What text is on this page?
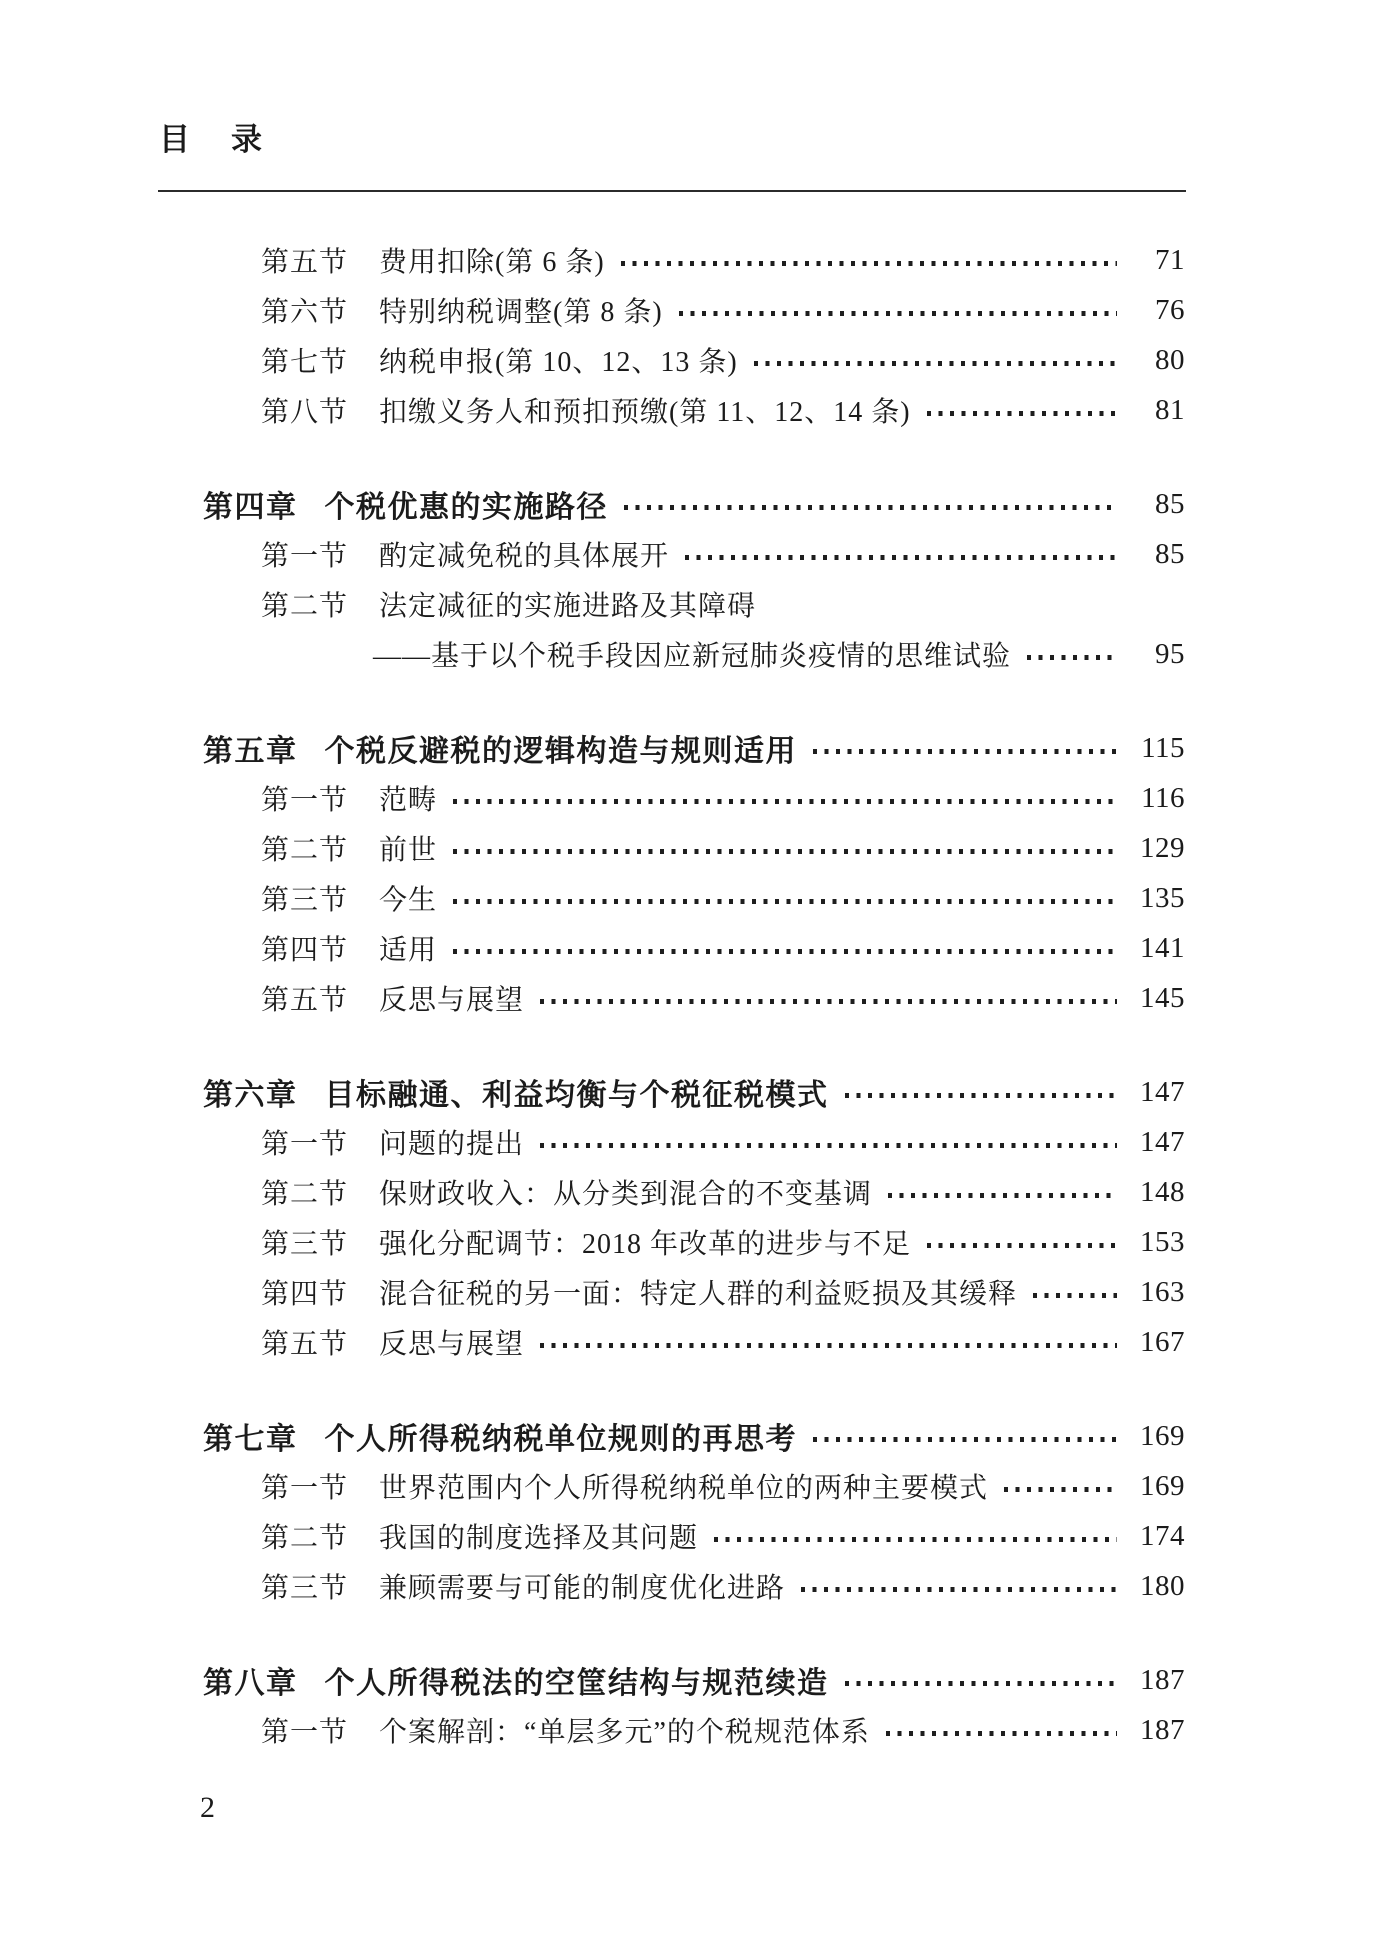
目　录
第五节 费用扣除(第 6 条)	71
第六节 特别纳税调整(第 8 条)	76
第七节 纳税申报(第 10、12、13 条)	80
第八节 扣缴义务人和预扣预缴(第 11、12、14 条)	81
第四章 个税优惠的实施路径	85
第一节 酌定减免税的具体展开	85
第二节 法定减征的实施进路及其障碍
——基于以个税手段因应新冠肺炎疫情的思维试验	95
第五章 个税反避税的逻辑构造与规则适用	115
第一节 范畴	116
第二节 前世	129
第三节 今生	135
第四节 适用	141
第五节 反思与展望	145
第六章 目标融通、利益均衡与个税征税模式	147
第一节 问题的提出	147
第二节 保财政收入：从分类到混合的不变基调	148
第三节 强化分配调节：2018 年改革的进步与不足	153
第四节 混合征税的另一面：特定人群的利益贬损及其缓释	163
第五节 反思与展望	167
第七章 个人所得税纳税单位规则的再思考	169
第一节 世界范围内个人所得税纳税单位的两种主要模式	169
第二节 我国的制度选择及其问题	174
第三节 兼顾需要与可能的制度优化进路	180
第八章 个人所得税法的空筐结构与规范续造	187
第一节 个案解剖：“单层多元”的个税规范体系	187
2
